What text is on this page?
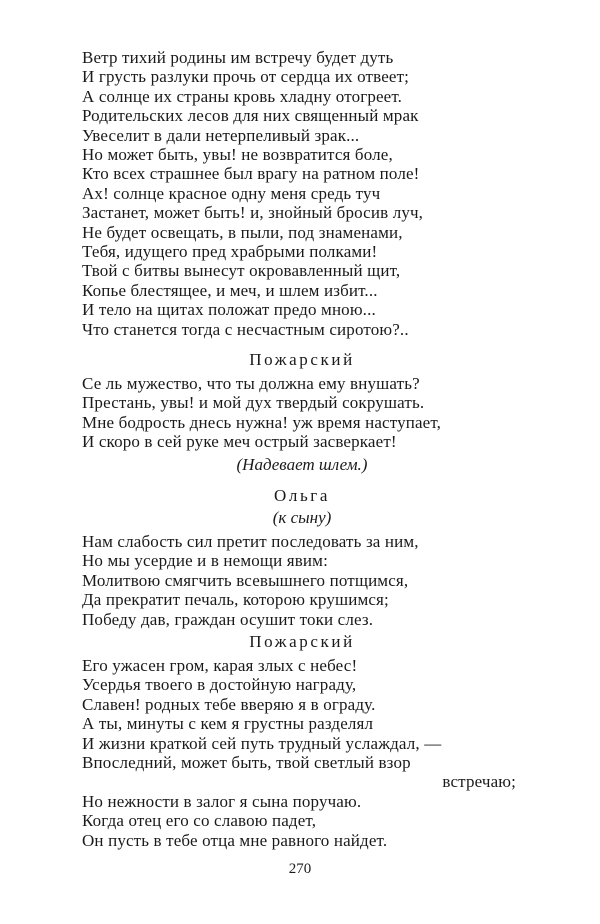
Ветр тихий родины им встречу будет дуть
И грусть разлуки прочь от сердца их отвеет;
А солнце их страны кровь хладну отогреет.
Родительских лесов для них священный мрак
Увеселит в дали нетерпеливый зрак...
Но может быть, увы! не возвратится боле,
Кто всех страшнее был врагу на ратном поле!
Ах! солнце красное одну меня средь туч
Застанет, может быть! и, знойный бросив луч,
Не будет освещать, в пыли, под знаменами,
Тебя, идущего пред храбрыми полками!
Твой с битвы вынесут окровавленный щит,
Копье блестящее, и меч, и шлем избит...
И тело на щитах положат предо мною...
Что станется тогда с несчастным сиротою?..
Пожарский
Се ль мужество, что ты должна ему внушать?
Престань, увы! и мой дух твердый сокрушать.
Мне бодрость днесь нужна! уж время наступает,
И скоро в сей руке меч острый засверкает!
(Надевает шлем.)
Ольга
(к сыну)
Нам слабость сил претит последовать за ним,
Но мы усердие и в немощи явим:
Молитвою смягчить всевышнего потщимся,
Да прекратит печаль, которою крушимся;
Победу дав, граждан осушит токи слез.
Пожарский
Его ужасен гром, карая злых с небес!
Усердья твоего в достойную награду,
Славен! родных тебе вверяю я в ограду.
А ты, минуты с кем я грустны разделял
И жизни краткой сей путь трудный услаждал, —
Впоследний, может быть, твой светлый взор
встречаю;
Но нежности в залог я сына поручаю.
Когда отец его со славою падет,
Он пусть в тебе отца мне равного найдет.
270
